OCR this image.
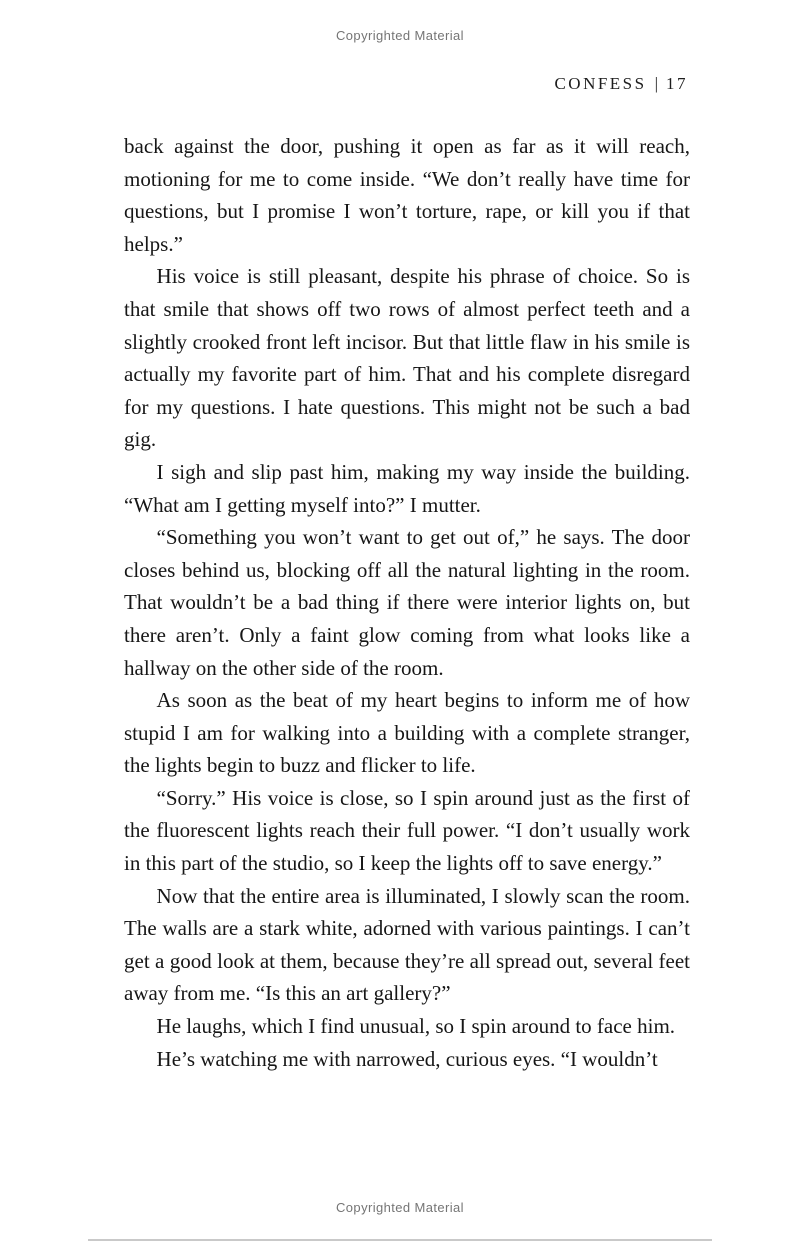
Copyrighted Material
CONFESS | 17

back against the door, pushing it open as far as it will reach, motioning for me to come inside. “We don’t really have time for questions, but I promise I won’t torture, rape, or kill you if that helps.”

His voice is still pleasant, despite his phrase of choice. So is that smile that shows off two rows of almost perfect teeth and a slightly crooked front left incisor. But that little flaw in his smile is actually my favorite part of him. That and his complete disregard for my questions. I hate questions. This might not be such a bad gig.

I sigh and slip past him, making my way inside the building. “What am I getting myself into?” I mutter.

“Something you won’t want to get out of,” he says. The door closes behind us, blocking off all the natural lighting in the room. That wouldn’t be a bad thing if there were interior lights on, but there aren’t. Only a faint glow coming from what looks like a hallway on the other side of the room.

As soon as the beat of my heart begins to inform me of how stupid I am for walking into a building with a complete stranger, the lights begin to buzz and flicker to life.

“Sorry.” His voice is close, so I spin around just as the first of the fluorescent lights reach their full power. “I don’t usually work in this part of the studio, so I keep the lights off to save energy.”

Now that the entire area is illuminated, I slowly scan the room. The walls are a stark white, adorned with various paintings. I can’t get a good look at them, because they’re all spread out, several feet away from me. “Is this an art gallery?”

He laughs, which I find unusual, so I spin around to face him.

He’s watching me with narrowed, curious eyes. “I wouldn’t

Copyrighted Material
